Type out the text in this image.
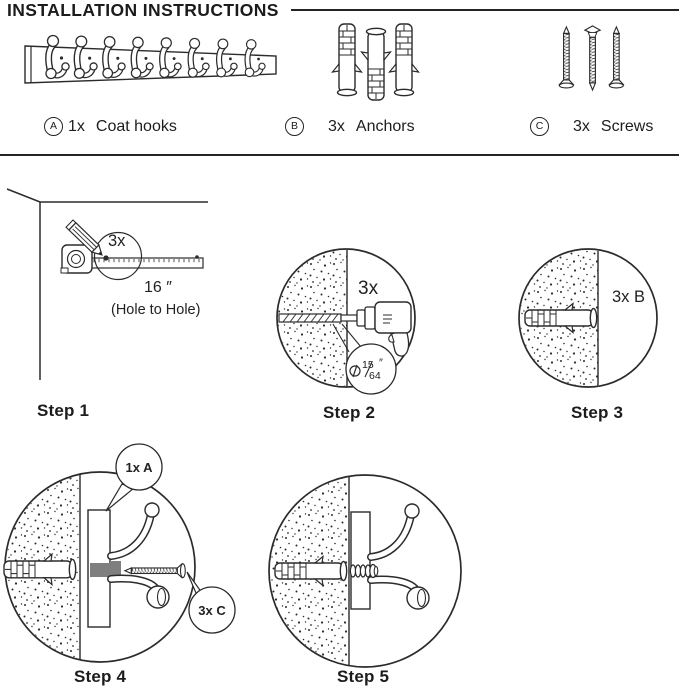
INSTALLATION INSTRUCTIONS
A 1x Coat hooks	B	3x Anchors	C	3x Screws
3x
16 ″
(Hole to Hole)
Step 1
3x
15
64
″
Step 2
3x B
Step 3
1x A
3x C
Step 4	Step 5
